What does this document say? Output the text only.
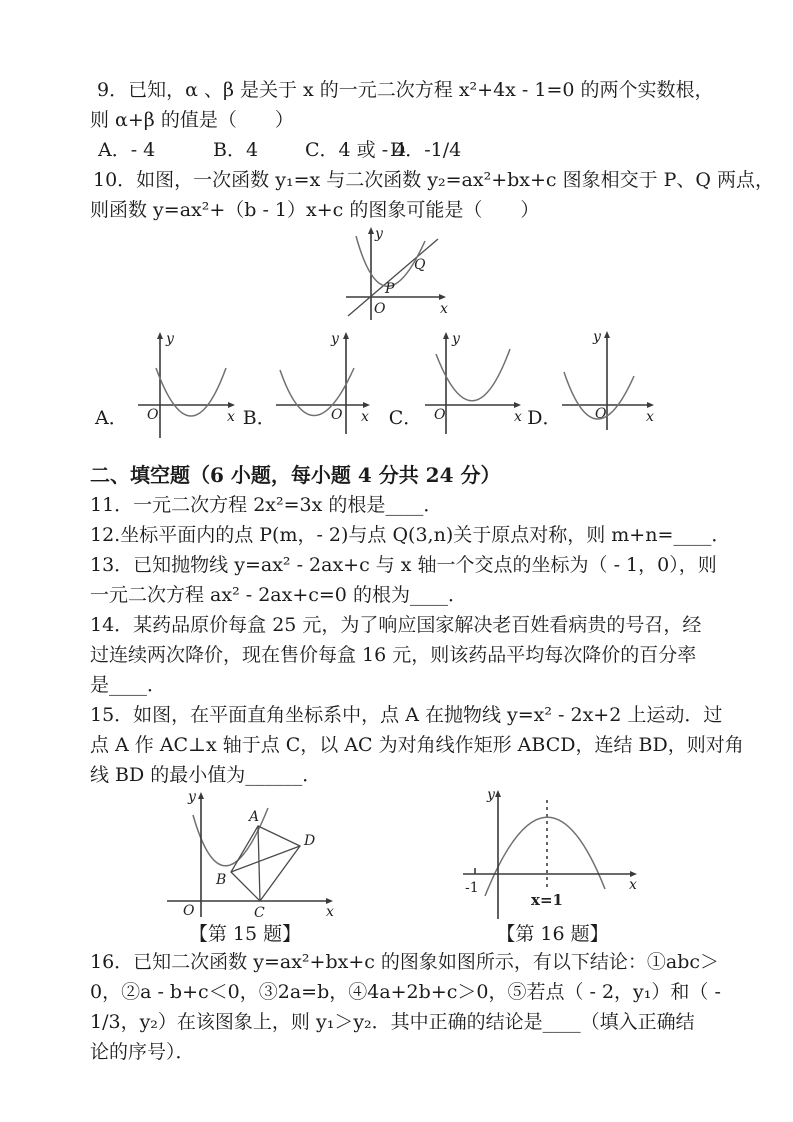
9．已知，α 、β 是关于 x 的一元二次方程 x²+4x - 1=0 的两个实数根，
则 α+β 的值是（　　）
A．- 4	B．4 C．4 或 - 4
D．-1/4
10．如图，一次函数 y₁=x 与二次函数 y₂=ax²+bx+c 图象相交于 P、Q 两点，
则函数 y=ax²+（b - 1）x+c 的图象可能是（　　）
y
x
O
P
Q
A．
y
x
O	B．
y
x
O C．
y
x
O	D．
y
x
O
二、填空题（6 小题，每小题 4 分共 24 分）
11．一元二次方程 2x²=3x 的根是____．
12.坐标平面内的点 P(m，- 2)与点 Q(3,n)关于原点对称，则 m+n=____．
13．已知抛物线 y=ax² - 2ax+c 与 x 轴一个交点的坐标为（ - 1，0），则
一元二次方程 ax² - 2ax+c=0 的根为____．
14．某药品原价每盒 25 元，为了响应国家解决老百姓看病贵的号召，经
过连续两次降价，现在售价每盒 16 元，则该药品平均每次降价的百分率
是____．
15．如图，在平面直角坐标系中，点 A 在抛物线 y=x² - 2x+2 上运动．过
点 A 作 AC⊥x 轴于点 C，以 AC 为对角线作矩形 ABCD，连结 BD，则对角
线 BD 的最小值为______．
y
x
O
A
B
C
D
【第 15 题】
y
x
-1
x=1
【第 16 题】
16．已知二次函数 y=ax²+bx+c 的图象如图所示，有以下结论：①abc＞
0，②a - b+c＜0，③2a=b，④4a+2b+c＞0，⑤若点（ - 2，y₁）和（ -
1/3，y₂）在该图象上，则 y₁＞y₂．其中正确的结论是____（填入正确结
论的序号）．
